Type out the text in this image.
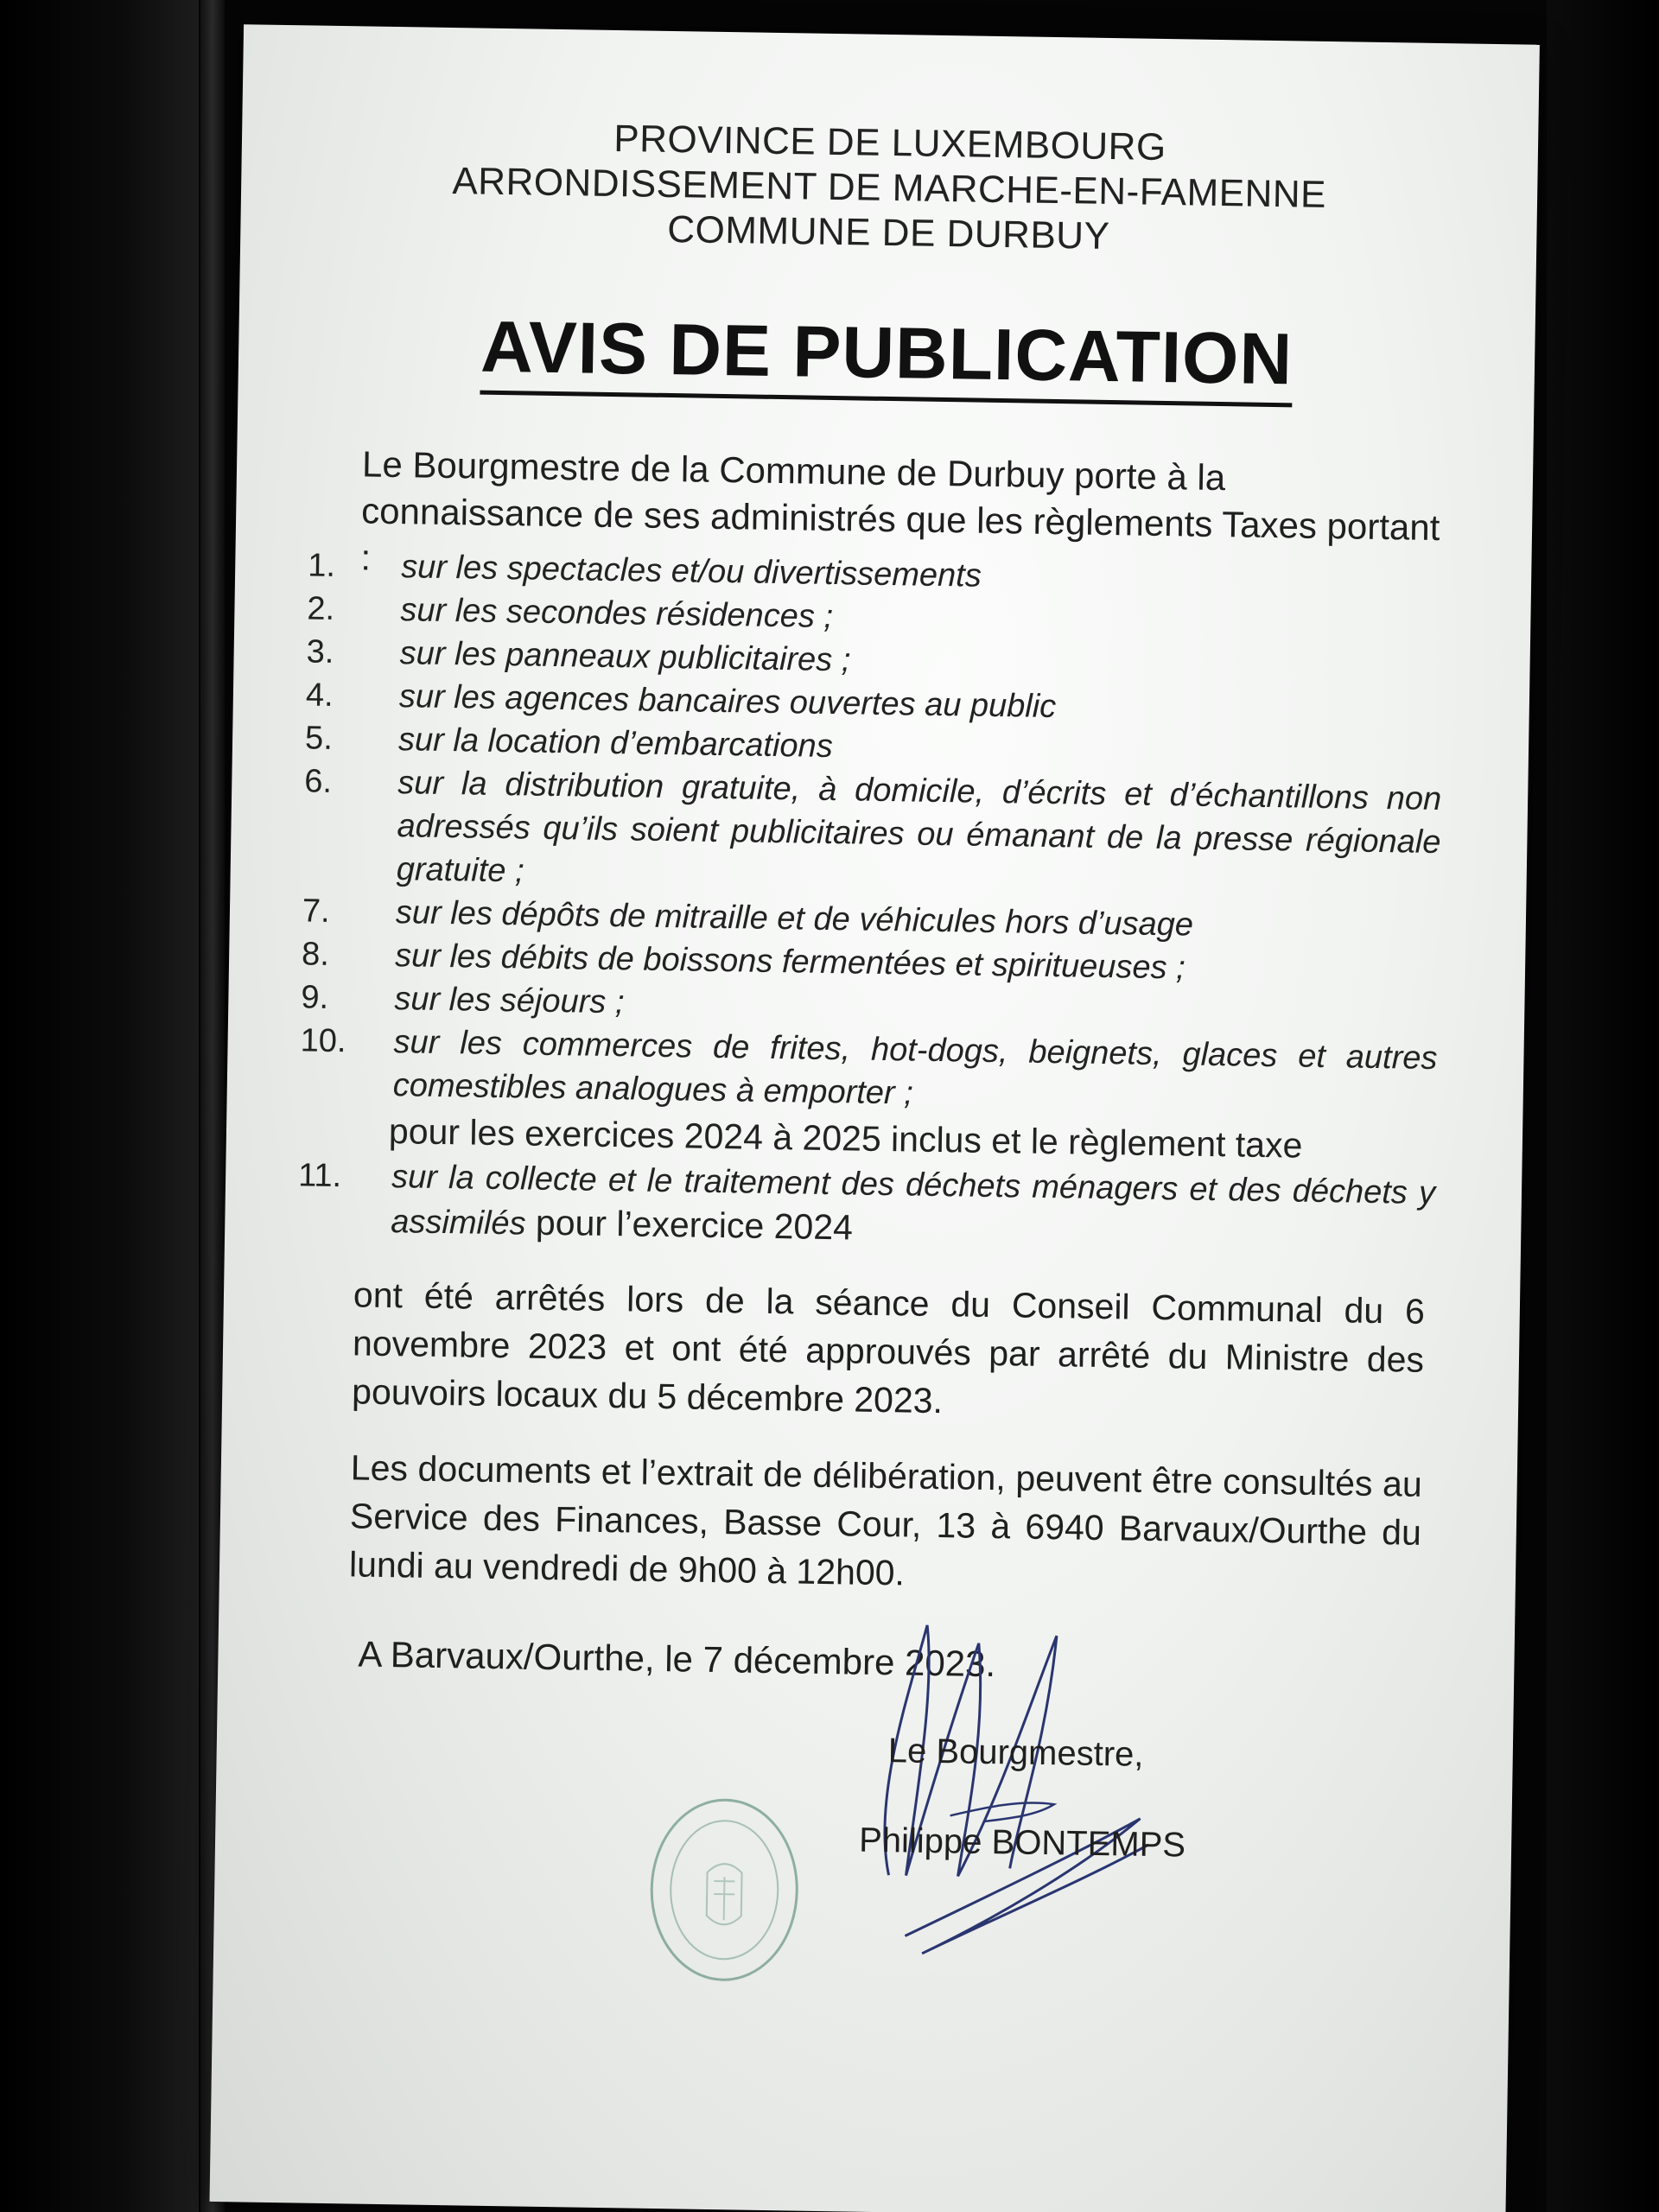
PROVINCE DE LUXEMBOURG
ARRONDISSEMENT DE MARCHE-EN-FAMENNE
COMMUNE DE DURBUY
AVIS DE PUBLICATION
Le Bourgmestre de la Commune de Durbuy porte à la connaissance de ses administrés que les règlements Taxes portant :
1.	sur les spectacles et/ou divertissements
2.	sur les secondes résidences ;
3.	sur les panneaux publicitaires ;
4.	sur les agences bancaires ouvertes au public
5.	sur la location d’embarcations
6.	sur la distribution gratuite, à domicile, d’écrits et d’échantillons non adressés qu’ils soient publicitaires ou émanant de la presse régionale gratuite ;
7.	sur les dépôts de mitraille et de véhicules hors d’usage
8.	sur les débits de boissons fermentées et spiritueuses ;
9.	sur les séjours ;
10.	sur les commerces de frites, hot-dogs, beignets, glaces et autres comestibles analogues à emporter ;
pour les exercices 2024 à 2025 inclus et le règlement taxe
11.	sur la collecte et le traitement des déchets ménagers et des déchets y assimilés pour l’exercice 2024
ont été arrêtés lors de la séance du Conseil Communal du 6 novembre 2023 et ont été approuvés par arrêté du Ministre des pouvoirs locaux du 5 décembre 2023.
Les documents et l’extrait de délibération, peuvent être consultés au Service des Finances, Basse Cour, 13 à 6940 Barvaux/Ourthe du lundi au vendredi de 9h00 à 12h00.
A Barvaux/Ourthe, le 7 décembre 2023.
Le Bourgmestre,
Philippe BONTEMPS
